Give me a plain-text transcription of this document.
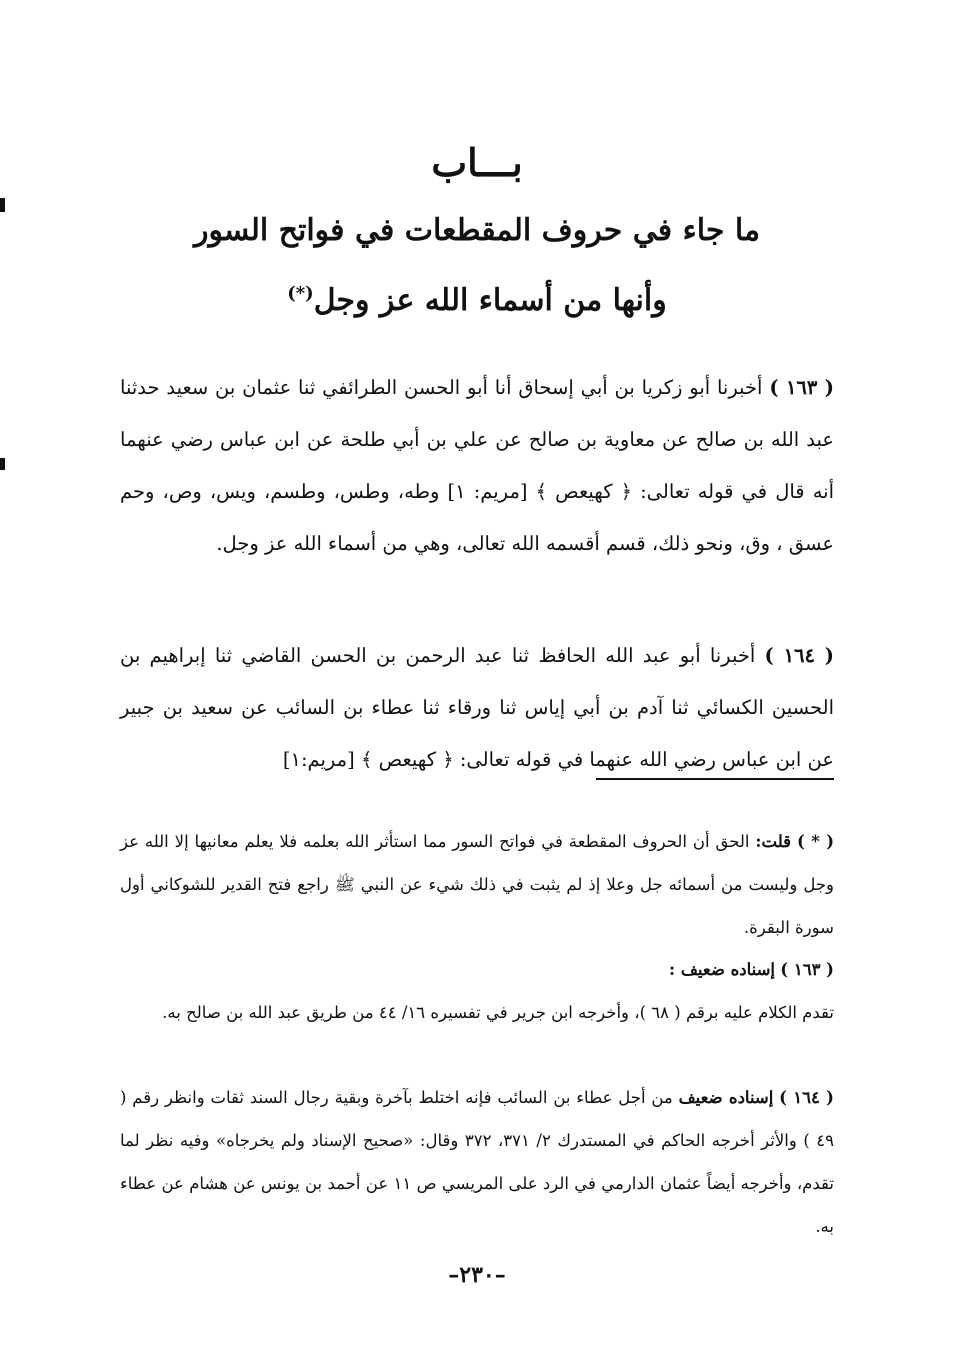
بـــاب
ما جاء في حروف المقطعات في فواتح السور
وأنها من أسماء الله عز وجل(*)

( ١٦٣ ) أخبرنا أبو زكريا بن أبي إسحاق أنا أبو الحسن الطرائفي ثنا عثمان بن سعيد حدثنا عبد الله بن صالح عن معاوية بن صالح عن علي بن أبي طلحة عن ابن عباس رضي عنهما أنه قال في قوله تعالى: ﴿ كهيعص ﴾ [مريم: ١] وطه، وطس، وطسم، ويس، وص، وحم عسق ، وق، ونحو ذلك، قسم أقسمه الله تعالى، وهي من أسماء الله عز وجل.

( ١٦٤ ) أخبرنا أبو عبد الله الحافظ ثنا عبد الرحمن بن الحسن القاضي ثنا إبراهيم بن الحسين الكسائي ثنا آدم بن أبي إياس ثنا ورقاء ثنا عطاء بن السائب عن سعيد بن جبير عن ابن عباس رضي الله عنهما في قوله تعالى: ﴿ كهيعص ﴾ [مريم:١]

( * ) قلت: الحق أن الحروف المقطعة في فواتح السور مما استأثر الله بعلمه فلا يعلم معانيها إلا الله عز وجل وليست من أسمائه جل وعلا إذ لم يثبت في ذلك شيء عن النبي ﷺ راجع فتح القدير للشوكاني أول سورة البقرة.

( ١٦٣ ) إسناده ضعيف :

تقدم الكلام عليه برقم ( ٦٨ )، وأخرجه ابن جرير في تفسيره ١٦/ ٤٤ من طريق عبد الله بن صالح به.

( ١٦٤ ) إسناده ضعيف من أجل عطاء بن السائب فإنه اختلط بآخرة وبقية رجال السند ثقات وانظر رقم ( ٤٩ ) والأثر أخرجه الحاكم في المستدرك ٢/ ٣٧١، ٣٧٢ وقال: «صحيح الإسناد ولم يخرجاه» وفيه نظر لما تقدم، وأخرجه أيضاً عثمان الدارمي في الرد على المريسي ص ١١ عن أحمد بن يونس عن هشام عن عطاء به.

–٢٣٠–
